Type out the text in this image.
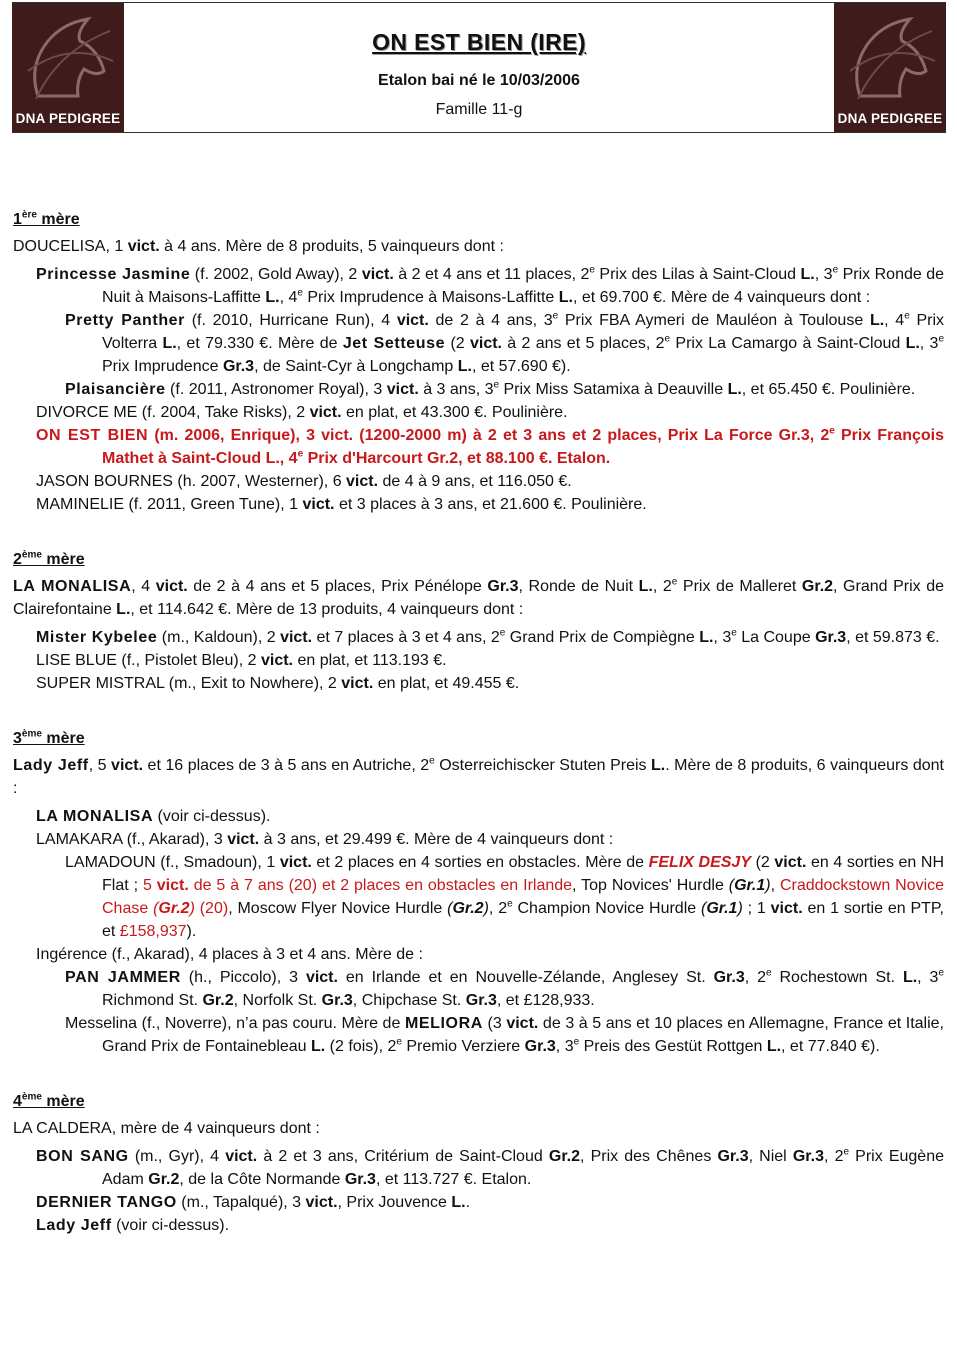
DNA PEDIGREE
ON EST BIEN (IRE)
Etalon bai né le 10/03/2006
Famille 11-g
DNA PEDIGREE

1ère mère

DOUCELISA, 1 vict. à 4 ans. Mère de 8 produits, 5 vainqueurs dont :

Princesse Jasmine (f. 2002, Gold Away), 2 vict. à 2 et 4 ans et 11 places, 2e Prix des Lilas à Saint-Cloud L., 3e Prix Ronde de Nuit à Maisons-Laffitte L., 4e Prix Imprudence à Maisons-Laffitte L., et 69.700 €. Mère de 4 vainqueurs dont :

Pretty Panther (f. 2010, Hurricane Run), 4 vict. de 2 à 4 ans, 3e Prix FBA Aymeri de Mauléon à Toulouse L., 4e Prix Volterra L., et 79.330 €. Mère de Jet Setteuse (2 vict. à 2 ans et 5 places, 2e Prix La Camargo à Saint-Cloud L., 3e Prix Imprudence Gr.3, de Saint-Cyr à Longchamp L., et 57.690 €).

Plaisancière (f. 2011, Astronomer Royal), 3 vict. à 3 ans, 3e Prix Miss Satamixa à Deauville L., et 65.450 €. Poulinière.

DIVORCE ME (f. 2004, Take Risks), 2 vict. en plat, et 43.300 €. Poulinière.

ON EST BIEN (m. 2006, Enrique), 3 vict. (1200-2000 m) à 2 et 3 ans et 2 places, Prix La Force Gr.3, 2e Prix François Mathet à Saint-Cloud L., 4e Prix d'Harcourt Gr.2, et 88.100 €. Etalon.

JASON BOURNES (h. 2007, Westerner), 6 vict. de 4 à 9 ans, et 116.050 €.

MAMINELIE (f. 2011, Green Tune), 1 vict. et 3 places à 3 ans, et 21.600 €. Poulinière.

2ème mère

LA MONALISA, 4 vict. de 2 à 4 ans et 5 places, Prix Pénélope Gr.3, Ronde de Nuit L., 2e Prix de Malleret Gr.2, Grand Prix de Clairefontaine L., et 114.642 €. Mère de 13 produits, 4 vainqueurs dont :

Mister Kybelee (m., Kaldoun), 2 vict. et 7 places à 3 et 4 ans, 2e Grand Prix de Compiègne L., 3e La Coupe Gr.3, et 59.873 €.

LISE BLUE (f., Pistolet Bleu), 2 vict. en plat, et 113.193 €.

SUPER MISTRAL (m., Exit to Nowhere), 2 vict. en plat, et 49.455 €.

3ème mère

Lady Jeff, 5 vict. et 16 places de 3 à 5 ans en Autriche, 2e Osterreichiscker Stuten Preis L.. Mère de 8 produits, 6 vainqueurs dont :

LA MONALISA (voir ci-dessus).

LAMAKARA (f., Akarad), 3 vict. à 3 ans, et 29.499 €. Mère de 4 vainqueurs dont :

LAMADOUN (f., Smadoun), 1 vict. et 2 places en 4 sorties en obstacles. Mère de FELIX DESJY (2 vict. en 4 sorties en NH Flat ; 5 vict. de 5 à 7 ans (20) et 2 places en obstacles en Irlande, Top Novices' Hurdle (Gr.1), Craddockstown Novice Chase (Gr.2) (20), Moscow Flyer Novice Hurdle (Gr.2), 2e Champion Novice Hurdle (Gr.1) ; 1 vict. en 1 sortie en PTP, et £158,937).

Ingérence (f., Akarad), 4 places à 3 et 4 ans. Mère de :

PAN JAMMER (h., Piccolo), 3 vict. en Irlande et en Nouvelle-Zélande, Anglesey St. Gr.3, 2e Rochestown St. L., 3e Richmond St. Gr.2, Norfolk St. Gr.3, Chipchase St. Gr.3, et £128,933.

Messelina (f., Noverre), n’a pas couru. Mère de MELIORA (3 vict. de 3 à 5 ans et 10 places en Allemagne, France et Italie, Grand Prix de Fontainebleau L. (2 fois), 2e Premio Verziere Gr.3, 3e Preis des Gestüt Rottgen L., et 77.840 €).

4ème mère

LA CALDERA, mère de 4 vainqueurs dont :

BON SANG (m., Gyr), 4 vict. à 2 et 3 ans, Critérium de Saint-Cloud Gr.2, Prix des Chênes Gr.3, Niel Gr.3, 2e Prix Eugène Adam Gr.2, de la Côte Normande Gr.3, et 113.727 €. Etalon.

DERNIER TANGO (m., Tapalqué), 3 vict., Prix Jouvence L..

Lady Jeff (voir ci-dessus).
